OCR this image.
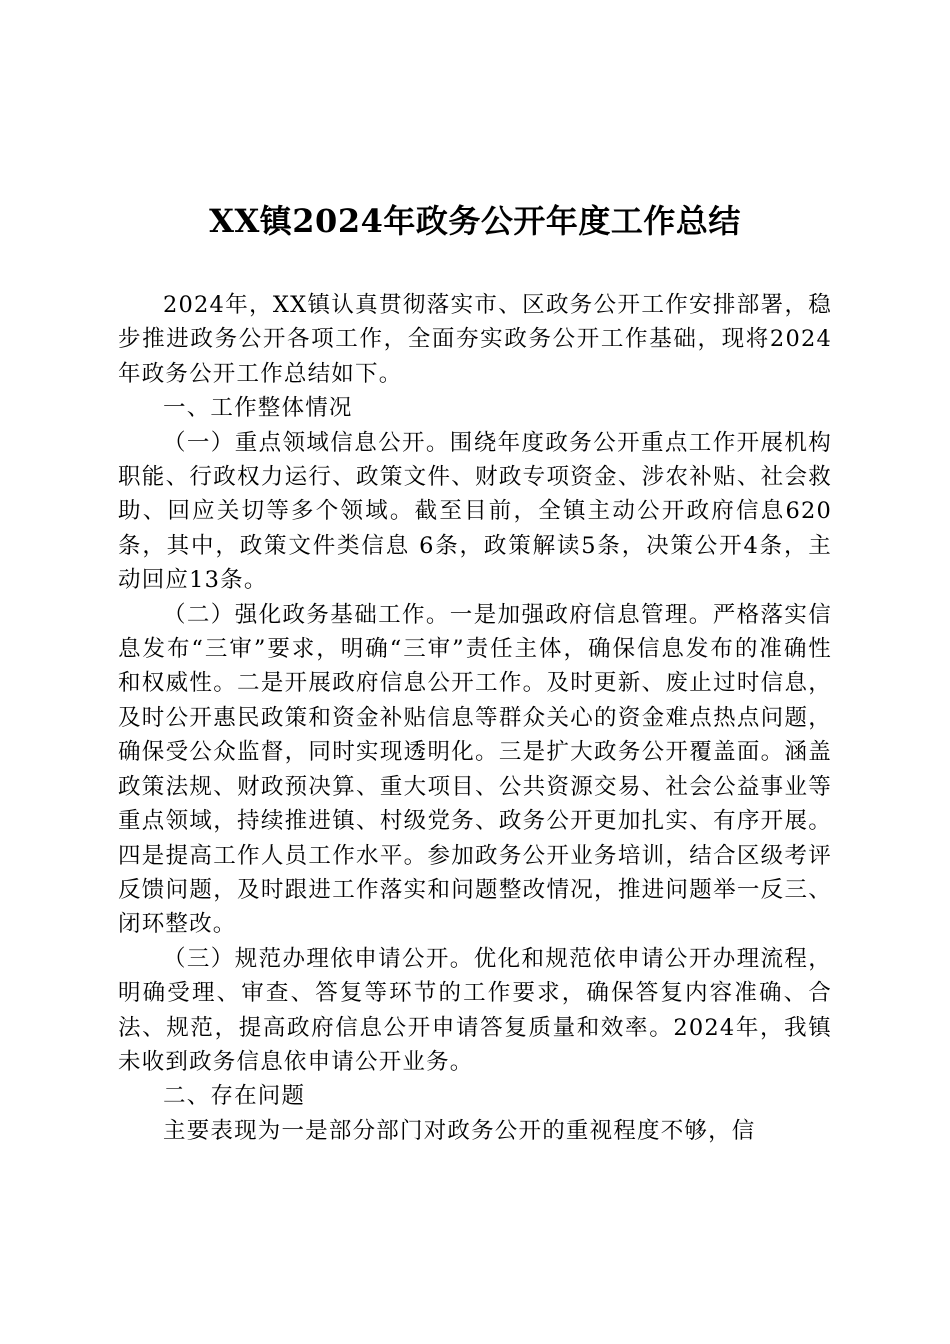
XX镇2024年政务公开年度工作总结

2024年，XX镇认真贯彻落实市、区政务公开工作安排部署，稳步推进政务公开各项工作，全面夯实政务公开工作基础，现将2024年政务公开工作总结如下。

一、工作整体情况

（一）重点领域信息公开。围绕年度政务公开重点工作开展机构职能、行政权力运行、政策文件、财政专项资金、涉农补贴、社会救助、回应关切等多个领域。截至目前，全镇主动公开政府信息620条，其中，政策文件类信息 6条，政策解读5条，决策公开4条，主动回应13条。

（二）强化政务基础工作。一是加强政府信息管理。严格落实信息发布“三审”要求，明确“三审”责任主体，确保信息发布的准确性和权威性。二是开展政府信息公开工作。及时更新、废止过时信息，及时公开惠民政策和资金补贴信息等群众关心的资金难点热点问题，确保受公众监督，同时实现透明化。三是扩大政务公开覆盖面。涵盖政策法规、财政预决算、重大项目、公共资源交易、社会公益事业等重点领域，持续推进镇、村级党务、政务公开更加扎实、有序开展。四是提高工作人员工作水平。参加政务公开业务培训，结合区级考评反馈问题，及时跟进工作落实和问题整改情况，推进问题举一反三、闭环整改。

（三）规范办理依申请公开。优化和规范依申请公开办理流程，明确受理、审查、答复等环节的工作要求，确保答复内容准确、合法、规范，提高政府信息公开申请答复质量和效率。2024年，我镇未收到政务信息依申请公开业务。

二、存在问题

主要表现为一是部分部门对政务公开的重视程度不够，信
